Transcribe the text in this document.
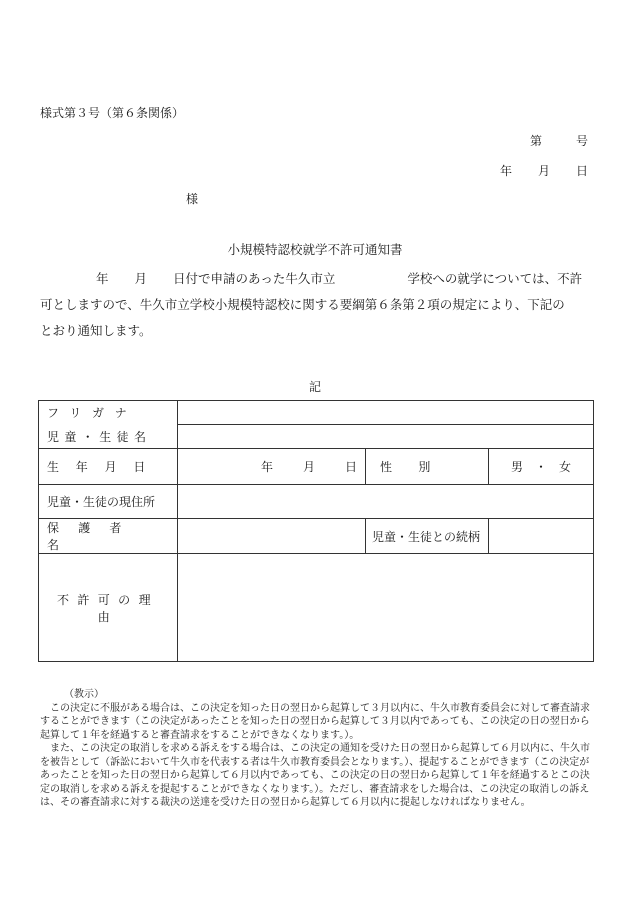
様式第３号（第６条関係）
第	号
年 月 日
様
小規模特認校就学不許可通知書
年 月 日付で申請のあった牛久市立	学校への就学については、不許
可としますので、牛久市立学校小規模特認校に関する要綱第６条第２項の規定により、下記の
とおり通知します。
記
フリガナ			
児童・生徒名			
生年月日	年 月 日	性別	男 ・ 女
児童・生徒の現住所			
保護者名		児童・生徒との続柄	
不許可の理由			
（教示）

この決定に不服がある場合は、この決定を知った日の翌日から起算して３月以内に、牛久市教育委員会に対して審査請求することができます（この決定があったことを知った日の翌日から起算して３月以内であっても、この決定の日の翌日から起算して１年を経過すると審査請求をすることができなくなります。）。

また、この決定の取消しを求める訴えをする場合は、この決定の通知を受けた日の翌日から起算して６月以内に、牛久市を被告として（訴訟において牛久市を代表する者は牛久市教育委員会となります。）、提起することができます（この決定があったことを知った日の翌日から起算して６月以内であっても、この決定の日の翌日から起算して１年を経過するとこの決定の取消しを求める訴えを提起することができなくなります。）。ただし、審査請求をした場合は、この決定の取消しの訴えは、その審査請求に対する裁決の送達を受けた日の翌日から起算して６月以内に提起しなければなりません。
